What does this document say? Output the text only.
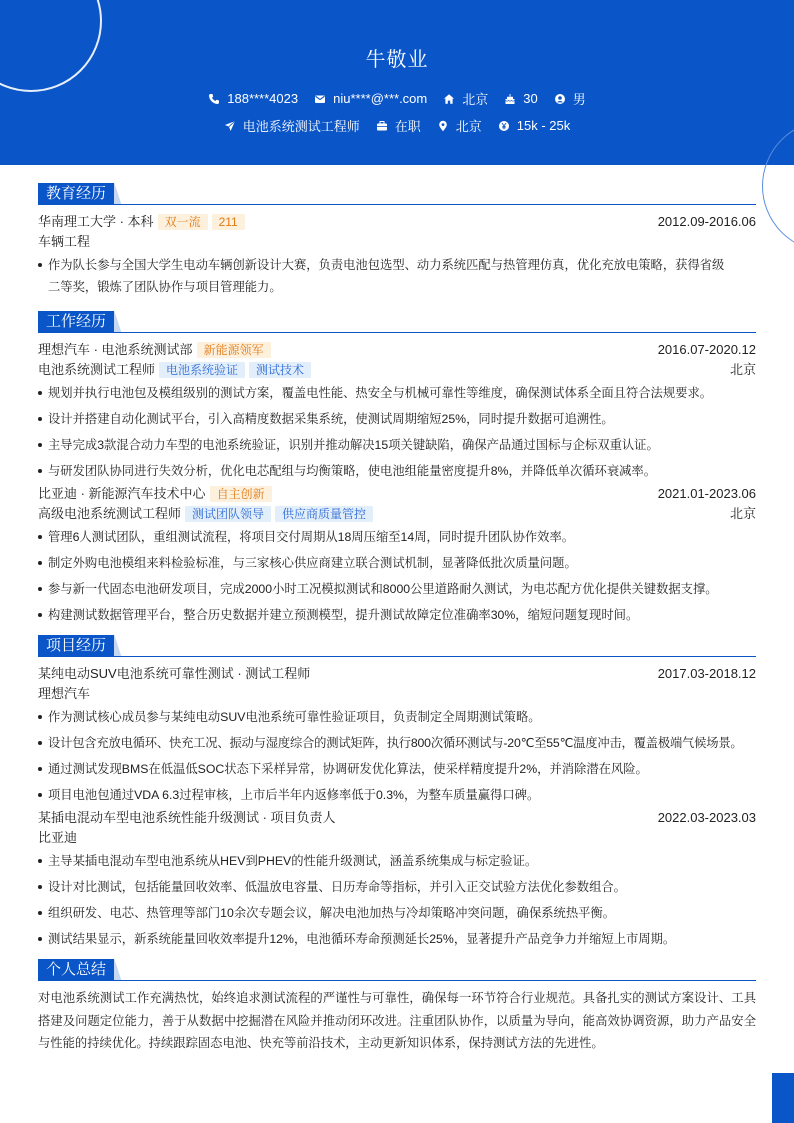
牛敬业
188****4023	niu****@***.com	北京	30	男
电池系统测试工程师	在职	北京	15k - 25k
教育经历
华南理工大学 · 本科 双一流	211	2012.09-2016.06
车辆工程
作为队长参与全国大学生电动车辆创新设计大赛，负责电池包选型、动力系统匹配与热管理仿真，优化充放电策略，获得省级二等奖，锻炼了团队协作与项目管理能力。
工作经历
理想汽车 · 电池系统测试部 新能源领军	2016.07-2020.12
电池系统测试工程师 电池系统验证	测试技术	北京
规划并执行电池包及模组级别的测试方案，覆盖电性能、热安全与机械可靠性等维度，确保测试体系全面且符合法规要求。
设计并搭建自动化测试平台，引入高精度数据采集系统，使测试周期缩短25%，同时提升数据可追溯性。
主导完成3款混合动力车型的电池系统验证，识别并推动解决15项关键缺陷，确保产品通过国标与企标双重认证。
与研发团队协同进行失效分析，优化电芯配组与均衡策略，使电池组能量密度提升8%，并降低单次循环衰减率。
比亚迪 · 新能源汽车技术中心 自主创新	2021.01-2023.06
高级电池系统测试工程师 测试团队领导	供应商质量管控	北京
管理6人测试团队，重组测试流程，将项目交付周期从18周压缩至14周，同时提升团队协作效率。
制定外购电池模组来料检验标准，与三家核心供应商建立联合测试机制，显著降低批次质量问题。
参与新一代固态电池研发项目，完成2000小时工况模拟测试和8000公里道路耐久测试，为电芯配方优化提供关键数据支撑。
构建测试数据管理平台，整合历史数据并建立预测模型，提升测试故障定位准确率30%，缩短问题复现时间。
项目经历
某纯电动SUV电池系统可靠性测试 · 测试工程师	2017.03-2018.12
理想汽车
作为测试核心成员参与某纯电动SUV电池系统可靠性验证项目，负责制定全周期测试策略。
设计包含充放电循环、快充工况、振动与湿度综合的测试矩阵，执行800次循环测试与-20℃至55℃温度冲击，覆盖极端气候场景。
通过测试发现BMS在低温低SOC状态下采样异常，协调研发优化算法，使采样精度提升2%，并消除潜在风险。
项目电池包通过VDA 6.3过程审核，上市后半年内返修率低于0.3%，为整车质量赢得口碑。
某插电混动车型电池系统性能升级测试 · 项目负责人	2022.03-2023.03
比亚迪
主导某插电混动车型电池系统从HEV到PHEV的性能升级测试，涵盖系统集成与标定验证。
设计对比测试，包括能量回收效率、低温放电容量、日历寿命等指标，并引入正交试验方法优化参数组合。
组织研发、电芯、热管理等部门10余次专题会议，解决电池加热与冷却策略冲突问题，确保系统热平衡。
测试结果显示，新系统能量回收效率提升12%，电池循环寿命预测延长25%，显著提升产品竞争力并缩短上市周期。
个人总结
对电池系统测试工作充满热忱，始终追求测试流程的严谨性与可靠性，确保每一环节符合行业规范。具备扎实的测试方案设计、工具搭建及问题定位能力，善于从数据中挖掘潜在风险并推动闭环改进。注重团队协作，以质量为导向，能高效协调资源，助力产品安全与性能的持续优化。持续跟踪固态电池、快充等前沿技术，主动更新知识体系，保持测试方法的先进性。
